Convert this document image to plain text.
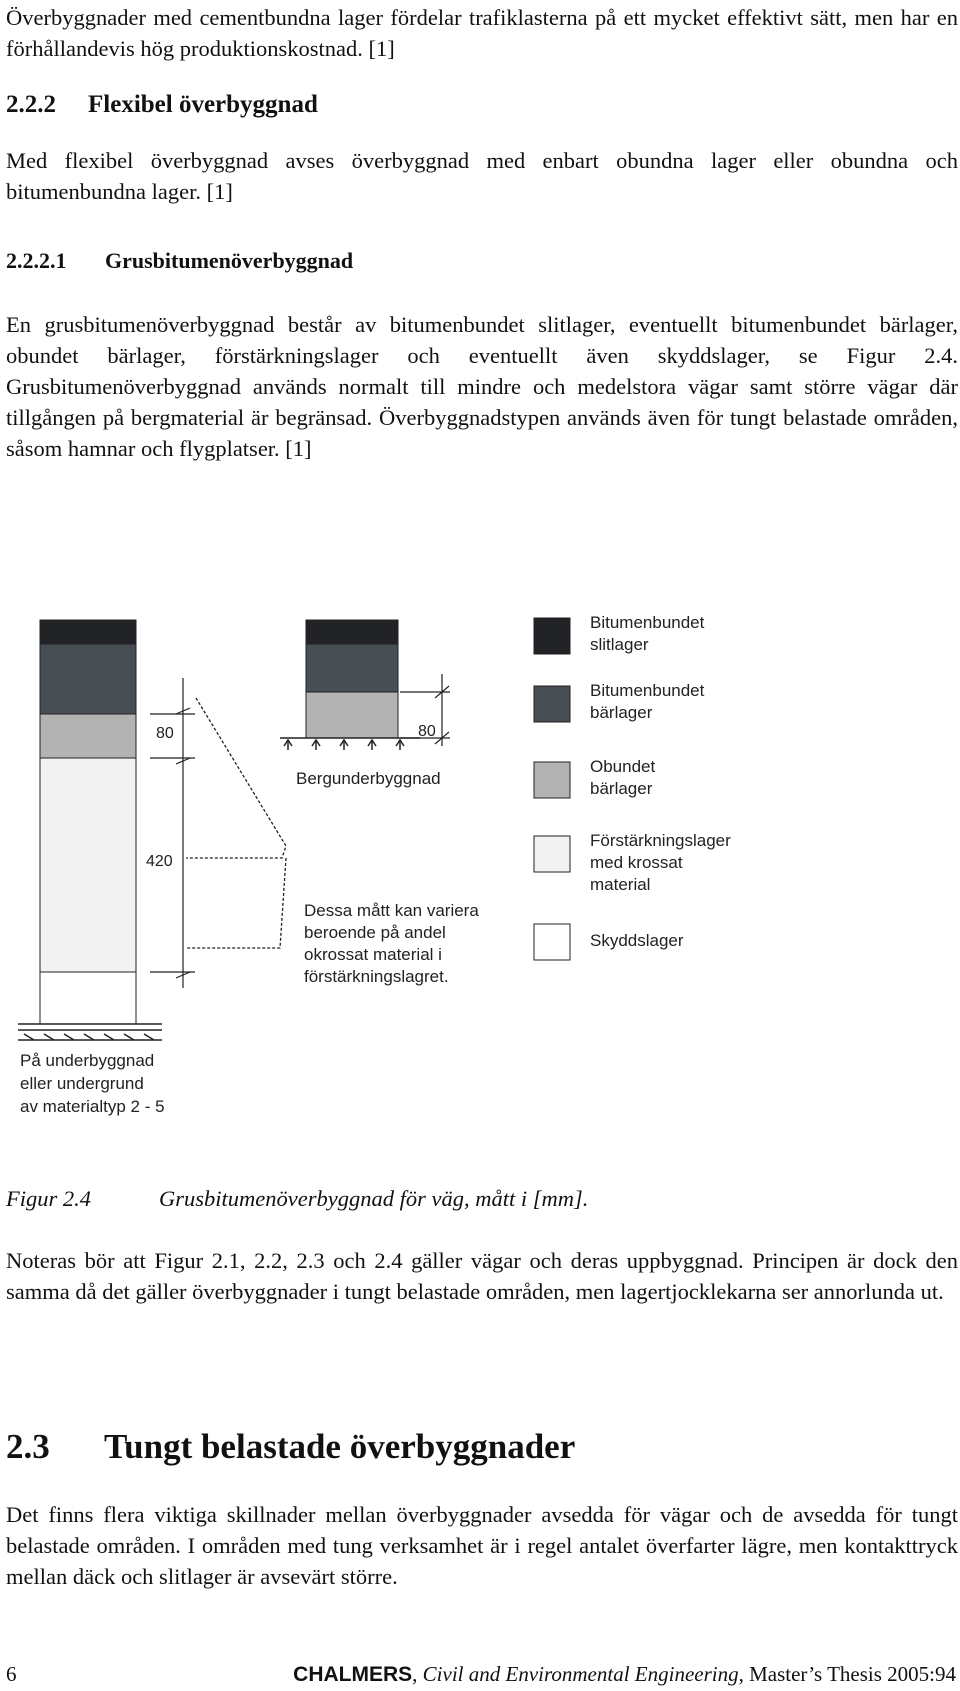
Överbyggnader med cementbundna lager fördelar trafiklasterna på ett mycket effektivt sätt, men har en förhållandevis hög produktionskostnad. [1]

2.2.2 Flexibel överbyggnad

Med flexibel överbyggnad avses överbyggnad med enbart obundna lager eller obundna och bitumenbundna lager. [1]

2.2.2.1 Grusbitumenöverbyggnad

En grusbitumenöverbyggnad består av bitumenbundet slitlager, eventuellt bitumenbundet bärlager, obundet bärlager, förstärkningslager och eventuellt även skyddslager, se Figur 2.4. Grusbitumenöverbyggnad används normalt till mindre och medelstora vägar samt större vägar där tillgången på bergmaterial är begränsad. Överbyggnadstypen används även för tungt belastade områden, såsom hamnar och flygplatser. [1]

80
420
80
Bergunderbyggnad
Dessa mått kan variera
beroende på andel
okrossat material i
förstärkningslagret.
På underbyggnad
eller undergrund
av materialtyp 2 - 5
Bitumenbundet
slitlager
Bitumenbundet
bärlager
Obundet
bärlager
Förstärkningslager
med krossat
material
Skyddslager
Figur 2.4	Grusbitumenöverbyggnad för väg, mått i [mm].

Noteras bör att Figur 2.1, 2.2, 2.3 och 2.4 gäller vägar och deras uppbyggnad. Principen är dock den samma då det gäller överbyggnader i tungt belastade områden, men lagertjocklekarna ser annorlunda ut.

2.3 Tungt belastade överbyggnader

Det finns flera viktiga skillnader mellan överbyggnader avsedda för vägar och de avsedda för tungt belastade områden. I områden med tung verksamhet är i regel antalet överfarter lägre, men kontakttryck mellan däck och slitlager är avsevärt större.

6	CHALMERS, Civil and Environmental Engineering, Master’s Thesis 2005:94
